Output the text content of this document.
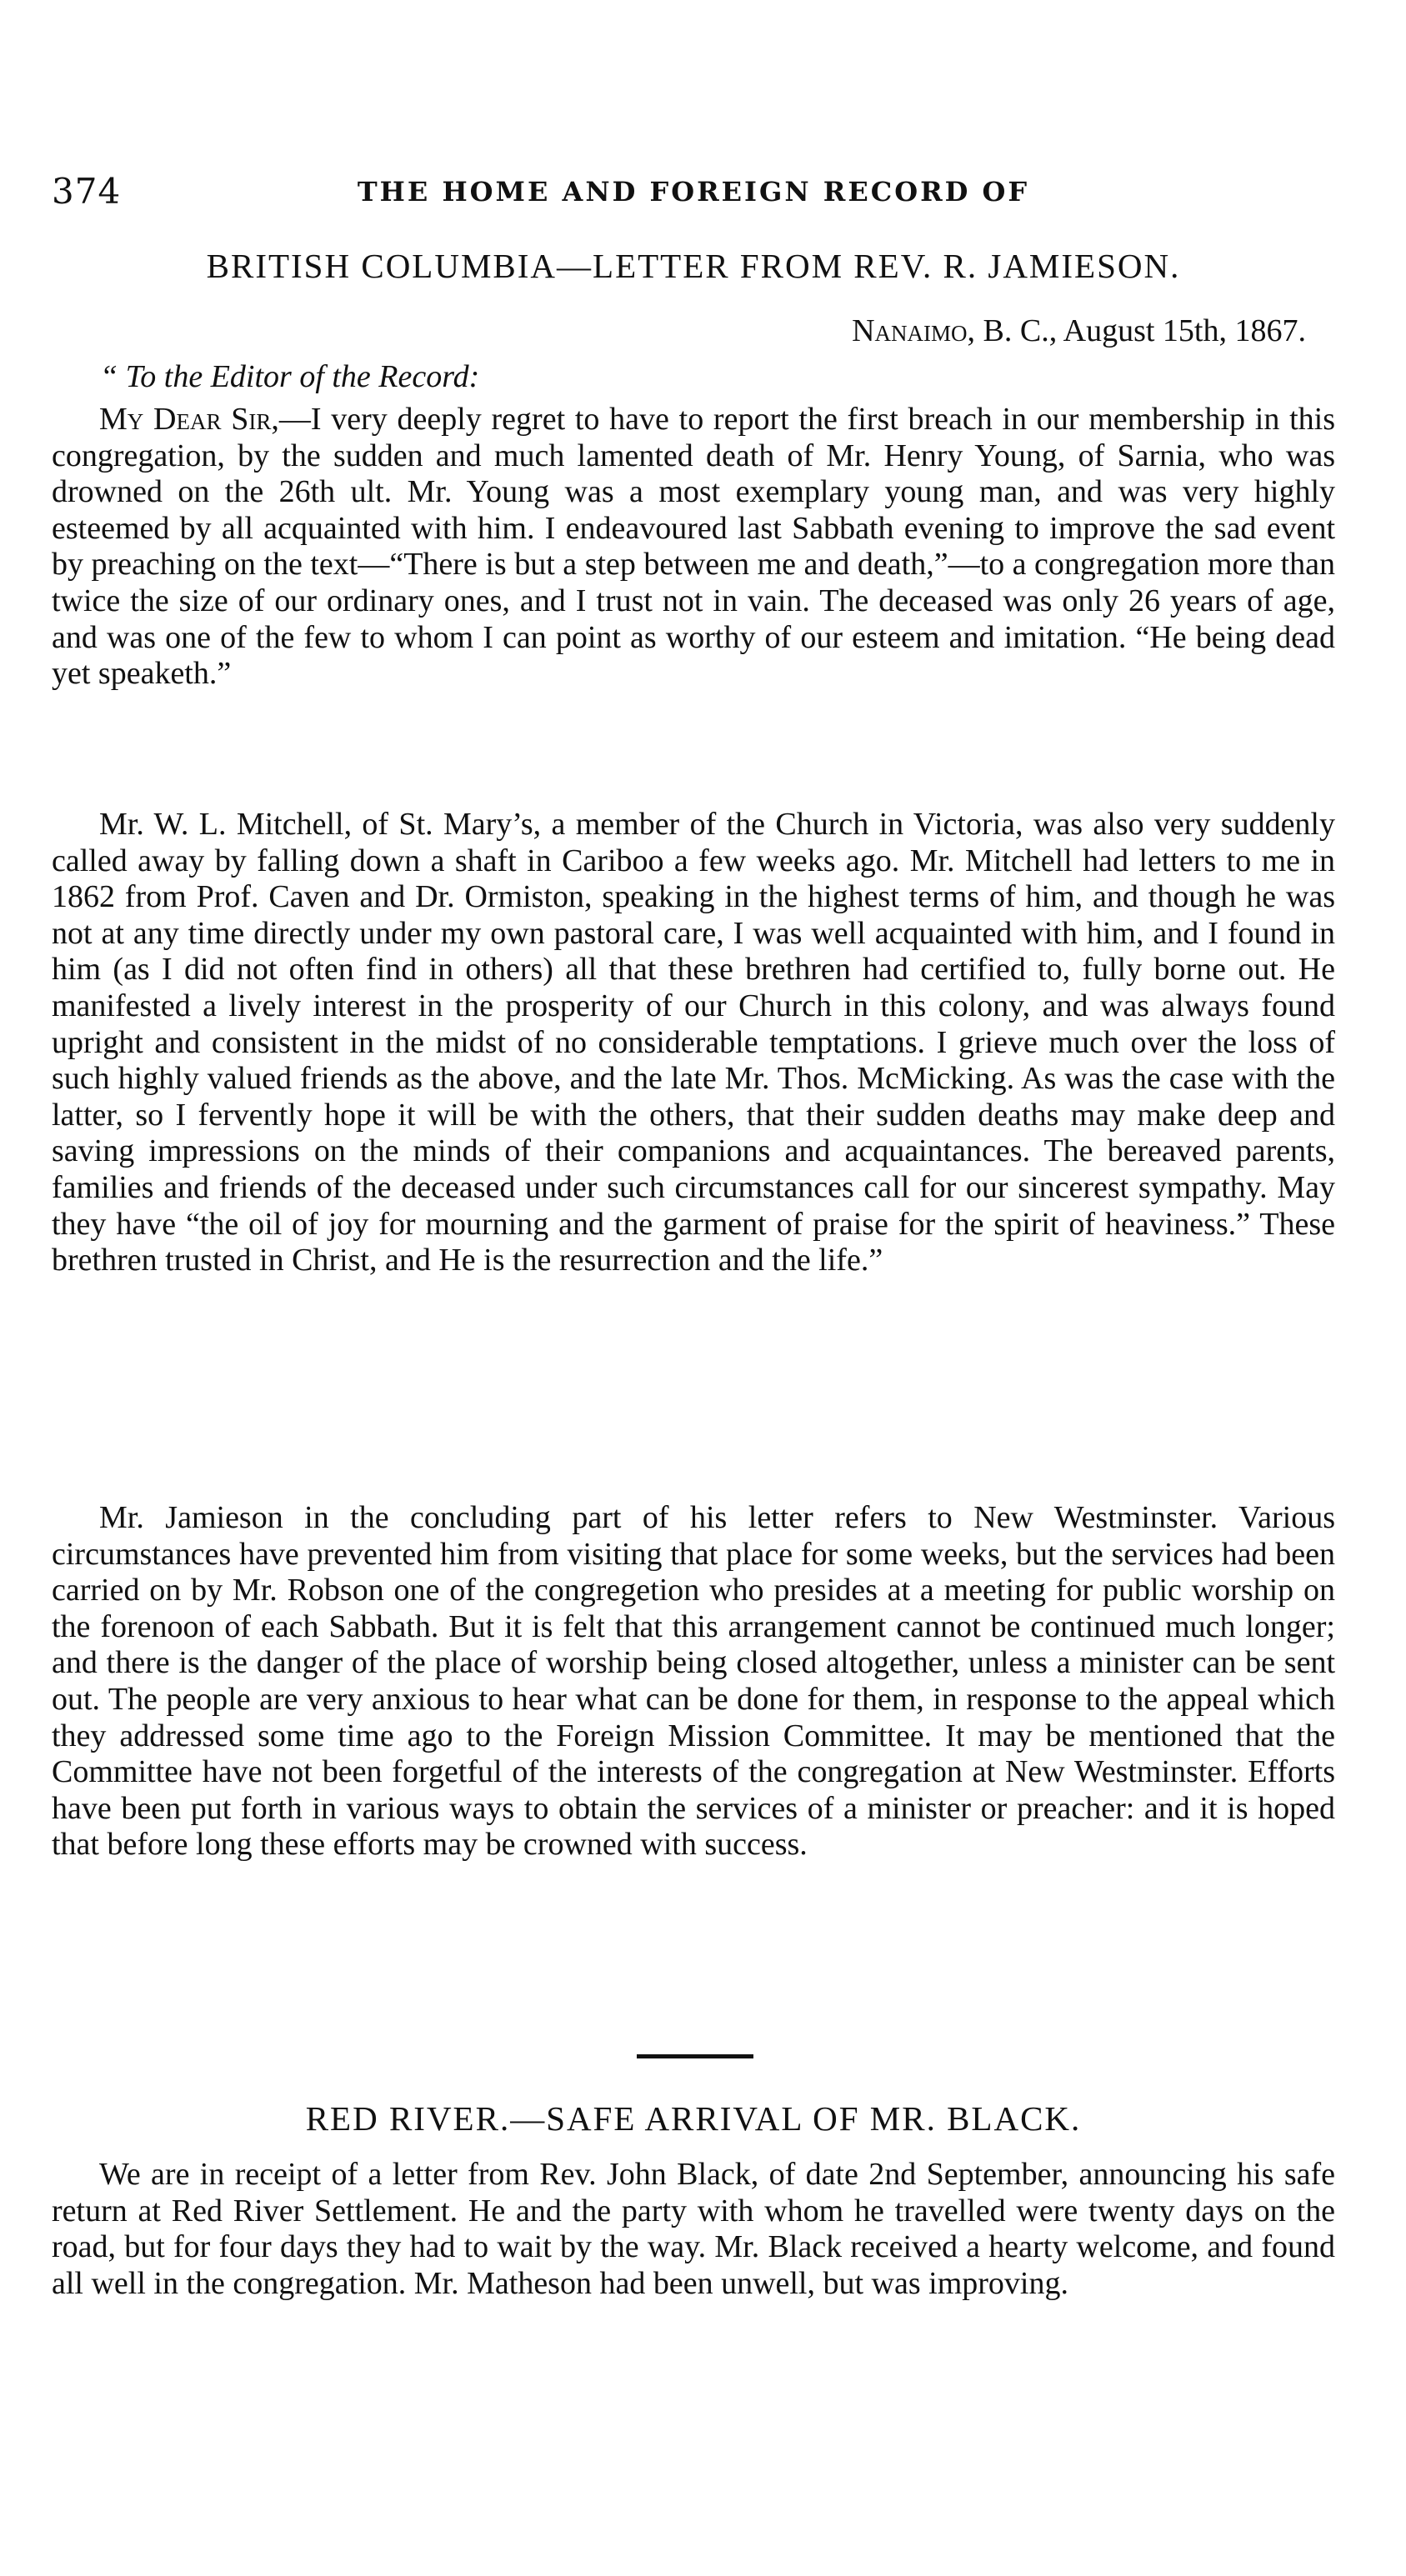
374	THE HOME AND FOREIGN RECORD OF
BRITISH COLUMBIA—LETTER FROM REV. R. JAMIESON.
Nanaimo, B. C., August 15th, 1867.
“ To the Editor of the Record:

My Dear Sir,—I very deeply regret to have to report the first breach in our membership in this congregation, by the sudden and much lamented death of Mr. Henry Young, of Sarnia, who was drowned on the 26th ult. Mr. Young was a most exemplary young man, and was very highly esteemed by all acquainted with him. I endeavoured last Sabbath evening to improve the sad event by preaching on the text—“There is but a step between me and death,”—to a congregation more than twice the size of our ordinary ones, and I trust not in vain. The deceased was only 26 years of age, and was one of the few to whom I can point as worthy of our esteem and imitation. “He being dead yet speaketh.”

Mr. W. L. Mitchell, of St. Mary’s, a member of the Church in Victoria, was also very suddenly called away by falling down a shaft in Cariboo a few weeks ago. Mr. Mitchell had letters to me in 1862 from Prof. Caven and Dr. Ormiston, speaking in the highest terms of him, and though he was not at any time directly under my own pastoral care, I was well acquainted with him, and I found in him (as I did not often find in others) all that these brethren had certified to, fully borne out. He manifested a lively interest in the prosperity of our Church in this colony, and was always found upright and consistent in the midst of no considerable temptations. I grieve much over the loss of such highly valued friends as the above, and the late Mr. Thos. McMicking. As was the case with the latter, so I fervently hope it will be with the others, that their sudden deaths may make deep and saving impressions on the minds of their companions and acquaintances. The bereaved parents, families and friends of the deceased under such circumstances call for our sincerest sympathy. May they have “the oil of joy for mourning and the garment of praise for the spirit of heaviness.” These brethren trusted in Christ, and He is the resurrection and the life.”

Mr. Jamieson in the concluding part of his letter refers to New Westminster. Various circumstances have prevented him from visiting that place for some weeks, but the services had been carried on by Mr. Robson one of the congregetion who presides at a meeting for public worship on the forenoon of each Sabbath. But it is felt that this arrangement cannot be continued much longer; and there is the danger of the place of worship being closed altogether, unless a minister can be sent out. The people are very anxious to hear what can be done for them, in response to the appeal which they addressed some time ago to the Foreign Mission Committee. It may be mentioned that the Committee have not been forgetful of the interests of the congregation at New Westminster. Efforts have been put forth in various ways to obtain the services of a minister or preacher: and it is hoped that before long these efforts may be crowned with success.

RED RIVER.—SAFE ARRIVAL OF MR. BLACK.

We are in receipt of a letter from Rev. John Black, of date 2nd September, announcing his safe return at Red River Settlement. He and the party with whom he travelled were twenty days on the road, but for four days they had to wait by the way. Mr. Black received a hearty welcome, and found all well in the congregation. Mr. Matheson had been unwell, but was improving.
